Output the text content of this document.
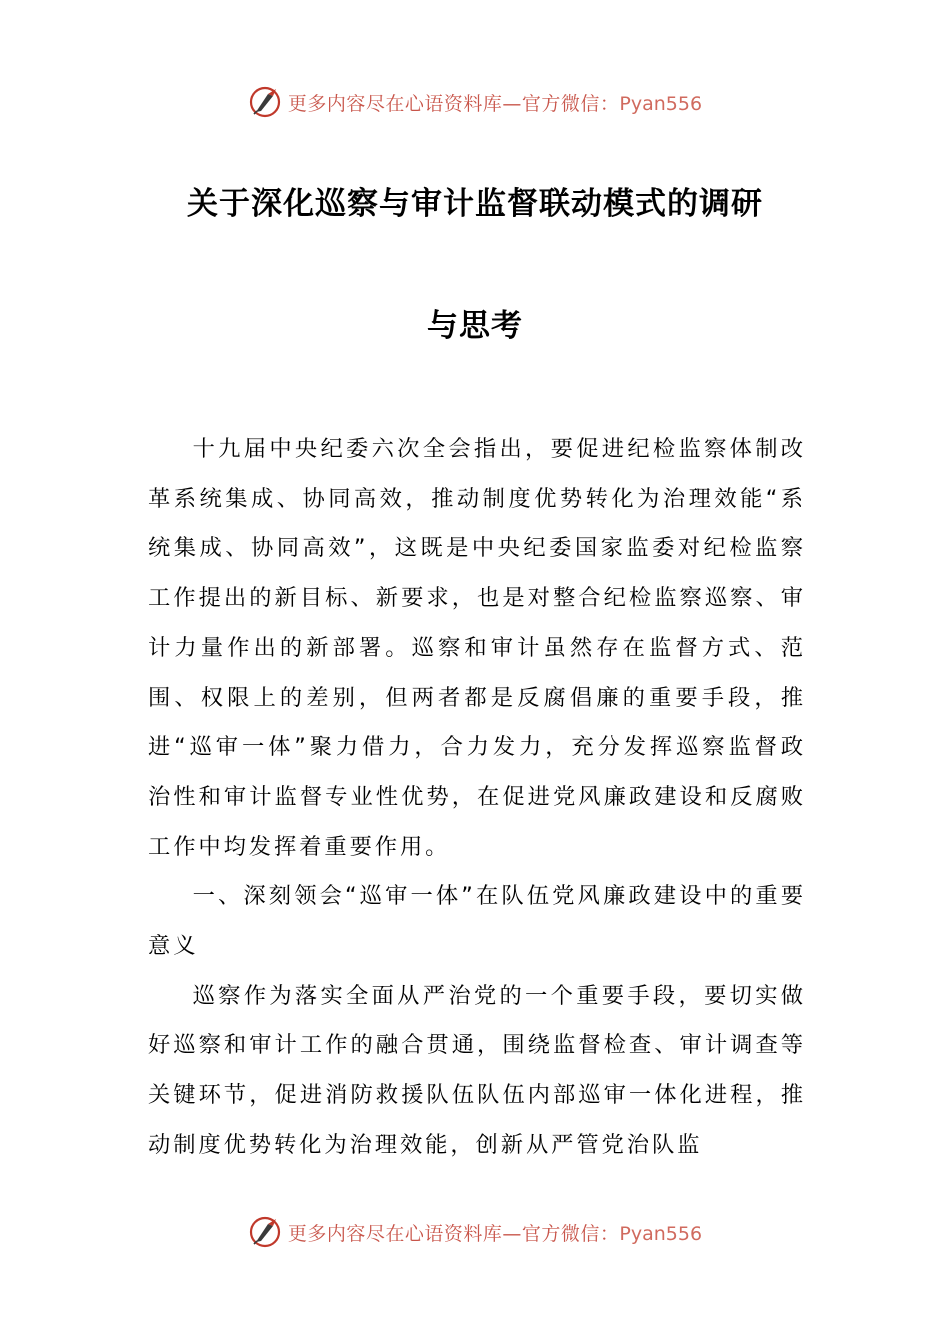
更多内容尽在心语资料库—官方微信：Pyan556
关于深化巡察与审计监督联动模式的调研
与思考

十九届中央纪委六次全会指出，要促进纪检监察体制改革系统集成、协同高效，推动制度优势转化为治理效能“系统集成、协同高效”，这既是中央纪委国家监委对纪检监察工作提出的新目标、新要求，也是对整合纪检监察巡察、审计力量作出的新部署。巡察和审计虽然存在监督方式、范围、权限上的差别，但两者都是反腐倡廉的重要手段，推进“巡审一体”聚力借力，合力发力，充分发挥巡察监督政治性和审计监督专业性优势，在促进党风廉政建设和反腐败工作中均发挥着重要作用。

一、深刻领会“巡审一体”在队伍党风廉政建设中的重要意义

巡察作为落实全面从严治党的一个重要手段，要切实做好巡察和审计工作的融合贯通，围绕监督检查、审计调查等关键环节，促进消防救援队伍队伍内部巡审一体化进程，推动制度优势转化为治理效能，创新从严管党治队监

更多内容尽在心语资料库—官方微信：Pyan556
